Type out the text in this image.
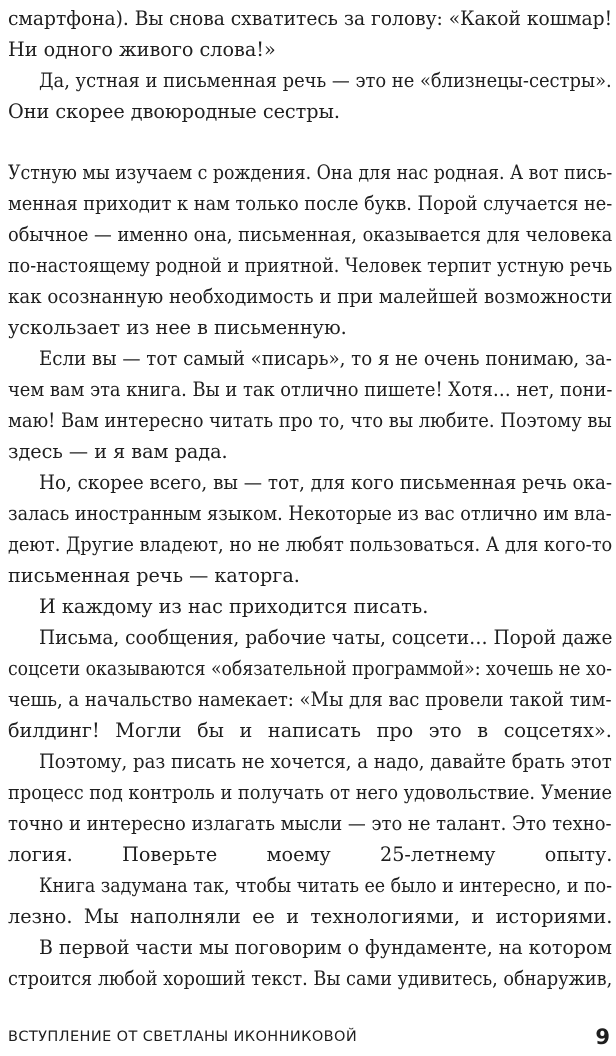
смартфона). Вы снова схватитесь за голову: «Какой кошмар!
Ни одного живого слова!»
Да, устная и письменная речь — это не «близнецы-сестры».
Они скорее двоюродные сестры.
Устную мы изучаем с рождения. Она для нас родная. А вот пись-
менная приходит к нам только после букв. Порой случается не-
обычное — именно она, письменная, оказывается для человека
по-настоящему родной и приятной. Человек терпит устную речь
как осознанную необходимость и при малейшей возможности
ускользает из нее в письменную.
Если вы — тот самый «писарь», то я не очень понимаю, за-
чем вам эта книга. Вы и так отлично пишете! Хотя… нет, пони-
маю! Вам интересно читать про то, что вы любите. Поэтому вы
здесь — и я вам рада.
Но, скорее всего, вы — тот, для кого письменная речь ока-
залась иностранным языком. Некоторые из вас отлично им вла-
деют. Другие владеют, но не любят пользоваться. А для кого-то
письменная речь — каторга.
И каждому из нас приходится писать.
Письма, сообщения, рабочие чаты, соцсети… Порой даже
соцсети оказываются «обязательной программой»: хочешь не хо-
чешь, а начальство намекает: «Мы для вас провели такой тим-
билдинг! Могли бы и написать про это в соцсетях».
Поэтому, раз писать не хочется, а надо, давайте брать этот
процесс под контроль и получать от него удовольствие. Умение
точно и интересно излагать мысли — это не талант. Это техно-
логия. Поверьте моему 25-летнему опыту.
Книга задумана так, чтобы читать ее было и интересно, и по-
лезно. Мы наполняли ее и технологиями, и историями.
В первой части мы поговорим о фундаменте, на котором
строится любой хороший текст. Вы сами удивитесь, обнаружив,
ВСТУПЛЕНИЕ ОТ СВЕТЛАНЫ ИКОННИКОВОЙ	9
